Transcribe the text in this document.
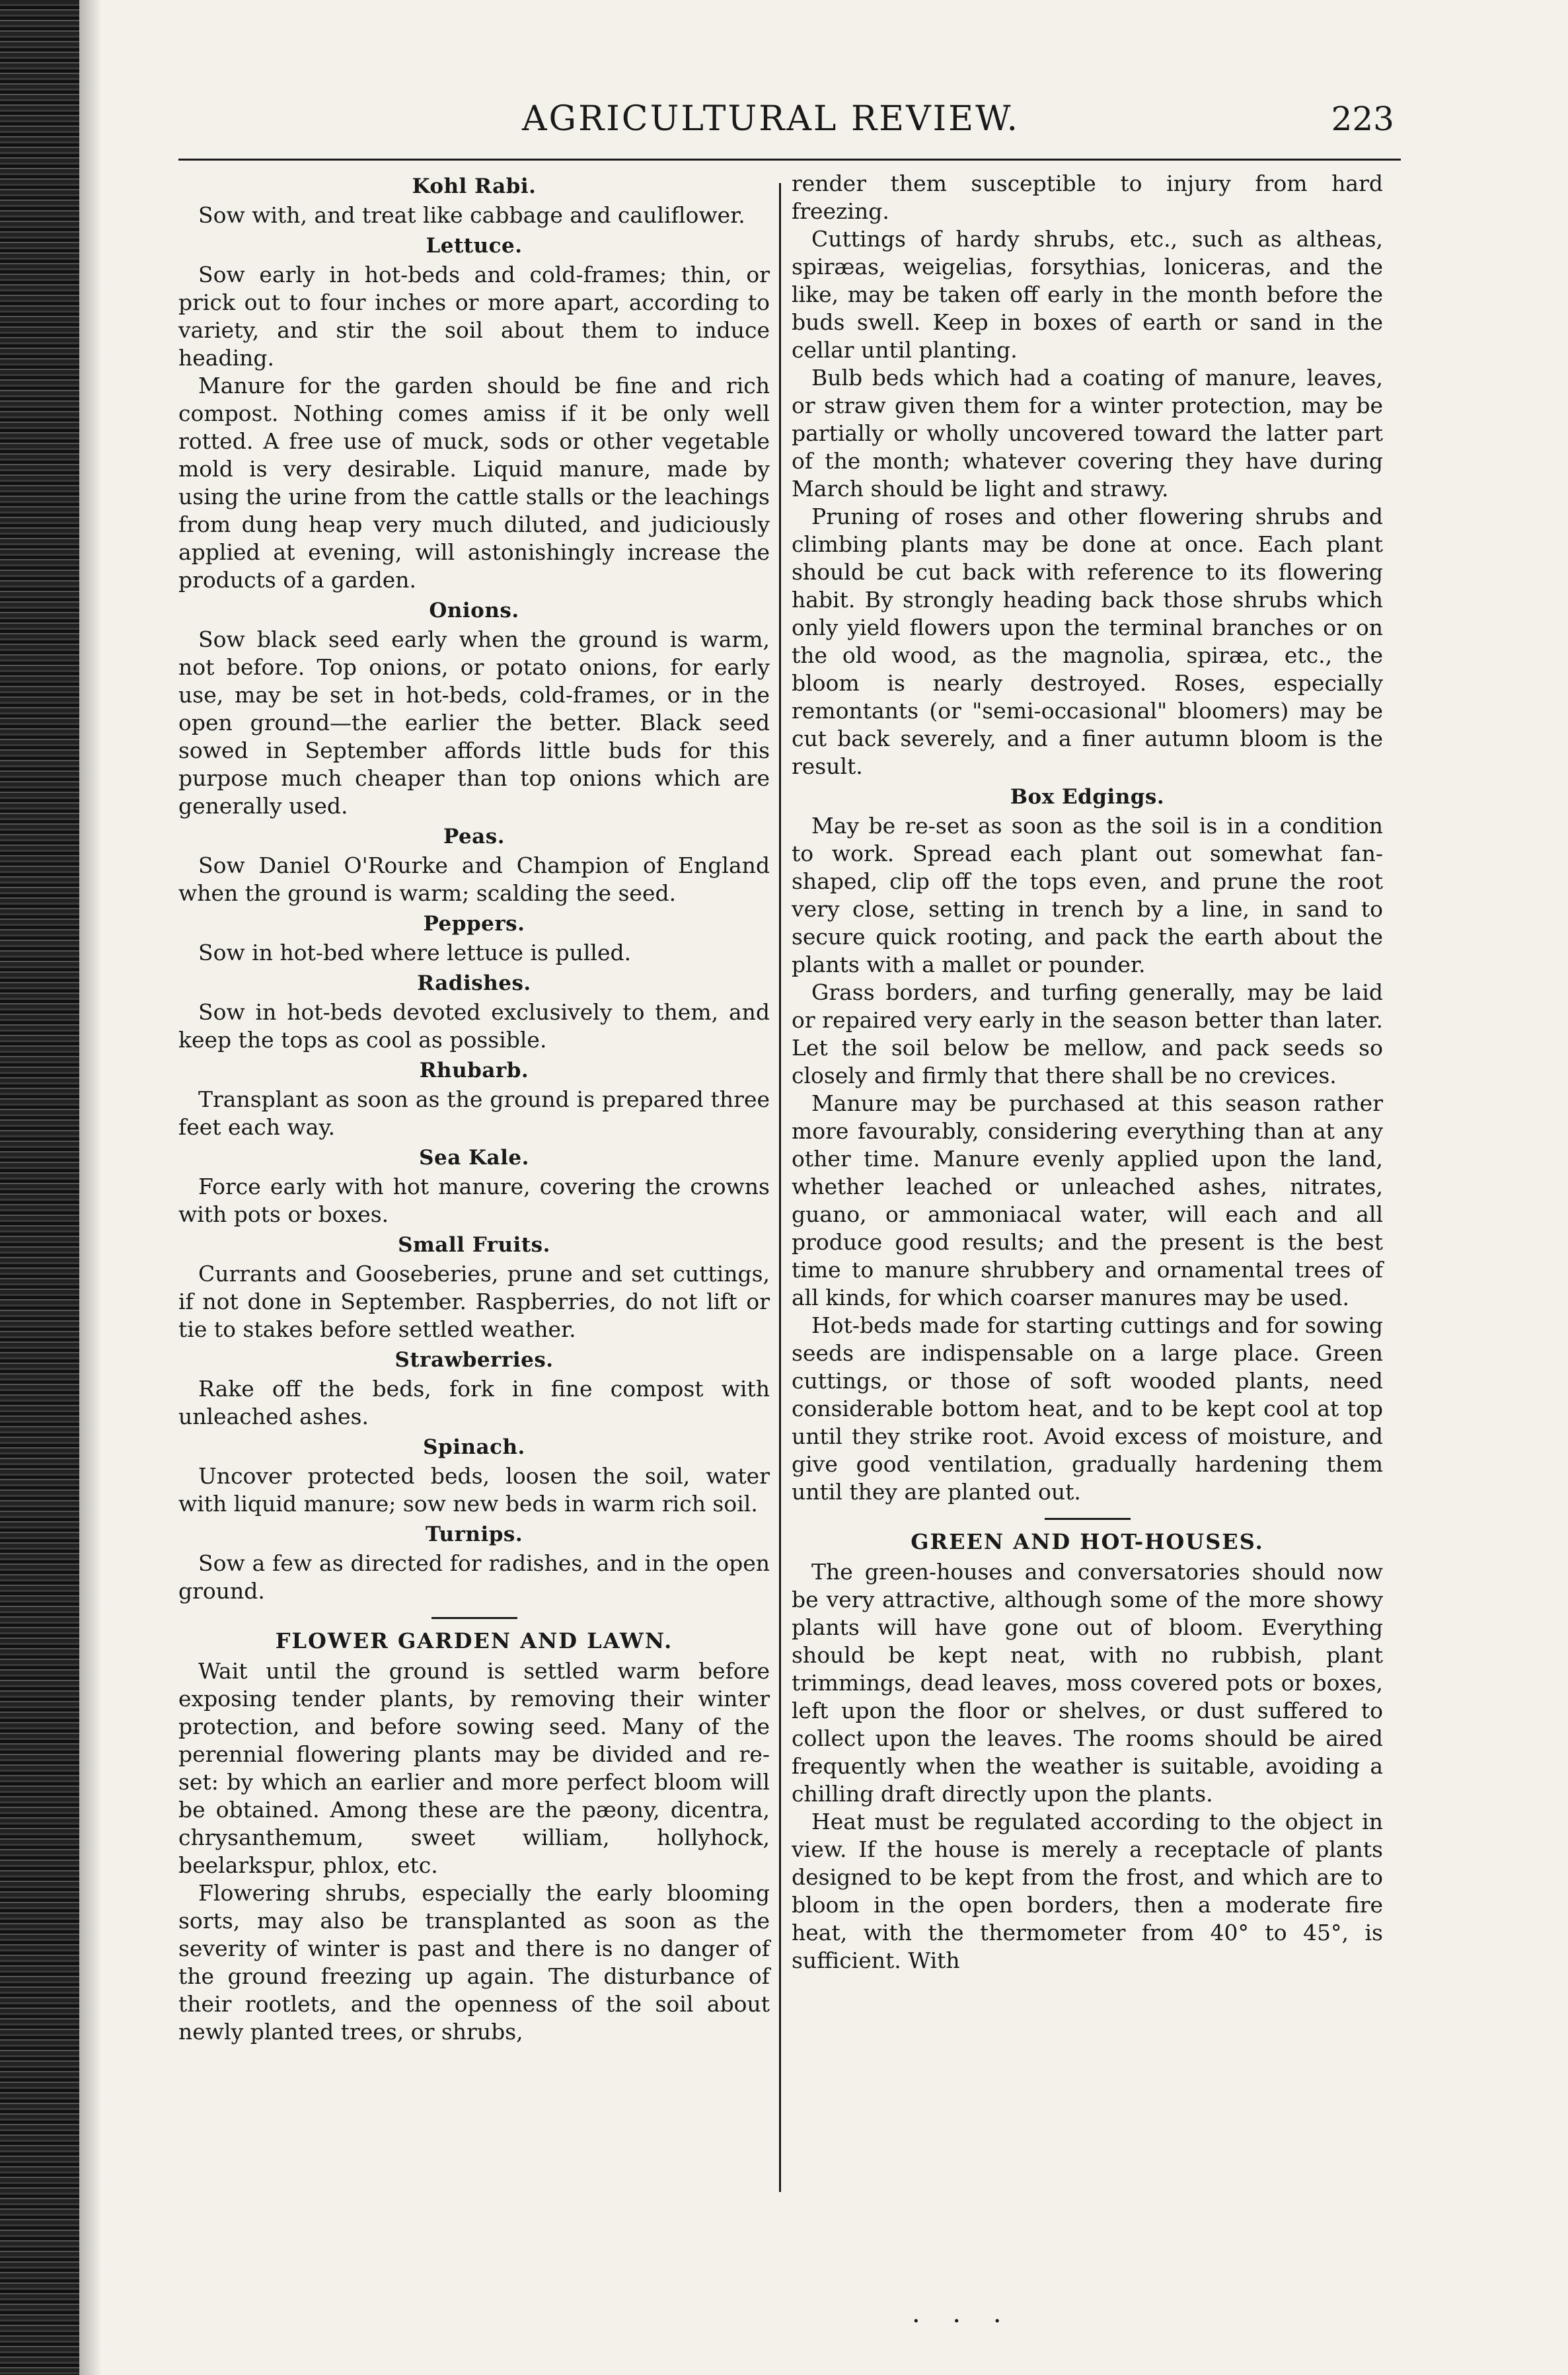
AGRICULTURAL REVIEW.	223
Kohl Rabi.

Sow with, and treat like cabbage and cauliflower.

Lettuce.

Sow early in hot-beds and cold-frames; thin, or prick out to four inches or more apart, according to variety, and stir the soil about them to induce heading.

Manure for the garden should be fine and rich compost. Nothing comes amiss if it be only well rotted. A free use of muck, sods or other vegetable mold is very desirable. Liquid manure, made by using the urine from the cattle stalls or the leachings from dung heap very much diluted, and judiciously applied at evening, will astonishingly increase the products of a garden.

Onions.

Sow black seed early when the ground is warm, not before. Top onions, or potato onions, for early use, may be set in hot-beds, cold-frames, or in the open ground—the earlier the better. Black seed sowed in September affords little buds for this purpose much cheaper than top onions which are generally used.

Peas.

Sow Daniel O'Rourke and Champion of England when the ground is warm; scalding the seed.

Peppers.

Sow in hot-bed where lettuce is pulled.

Radishes.

Sow in hot-beds devoted exclusively to them, and keep the tops as cool as possible.

Rhubarb.

Transplant as soon as the ground is prepared three feet each way.

Sea Kale.

Force early with hot manure, covering the crowns with pots or boxes.

Small Fruits.

Currants and Gooseberies, prune and set cuttings, if not done in September. Raspberries, do not lift or tie to stakes before settled weather.

Strawberries.

Rake off the beds, fork in fine compost with unleached ashes.

Spinach.

Uncover protected beds, loosen the soil, water with liquid manure; sow new beds in warm rich soil.

Turnips.

Sow a few as directed for radishes, and in the open ground.

FLOWER GARDEN AND LAWN.

Wait until the ground is settled warm before exposing tender plants, by removing their winter protection, and before sowing seed. Many of the perennial flowering plants may be divided and re-set: by which an earlier and more perfect bloom will be obtained. Among these are the pæony, dicentra, chrysanthemum, sweet william, hollyhock, beelarkspur, phlox, etc.

Flowering shrubs, especially the early blooming sorts, may also be transplanted as soon as the severity of winter is past and there is no danger of the ground freezing up again. The disturbance of their rootlets, and the openness of the soil about newly planted trees, or shrubs,

render them susceptible to injury from hard freezing.

Cuttings of hardy shrubs, etc., such as altheas, spiræas, weigelias, forsythias, loniceras, and the like, may be taken off early in the month before the buds swell. Keep in boxes of earth or sand in the cellar until planting.

Bulb beds which had a coating of manure, leaves, or straw given them for a winter protection, may be partially or wholly uncovered toward the latter part of the month; whatever covering they have during March should be light and strawy.

Pruning of roses and other flowering shrubs and climbing plants may be done at once. Each plant should be cut back with reference to its flowering habit. By strongly heading back those shrubs which only yield flowers upon the terminal branches or on the old wood, as the magnolia, spiræa, etc., the bloom is nearly destroyed. Roses, especially remontants (or "semi-occasional" bloomers) may be cut back severely, and a finer autumn bloom is the result.

Box Edgings.

May be re-set as soon as the soil is in a condition to work. Spread each plant out somewhat fan-shaped, clip off the tops even, and prune the root very close, setting in trench by a line, in sand to secure quick rooting, and pack the earth about the plants with a mallet or pounder.

Grass borders, and turfing generally, may be laid or repaired very early in the season better than later. Let the soil below be mellow, and pack seeds so closely and firmly that there shall be no crevices.

Manure may be purchased at this season rather more favourably, considering everything than at any other time. Manure evenly applied upon the land, whether leached or unleached ashes, nitrates, guano, or ammoniacal water, will each and all produce good results; and the present is the best time to manure shrubbery and ornamental trees of all kinds, for which coarser manures may be used.

Hot-beds made for starting cuttings and for sowing seeds are indispensable on a large place. Green cuttings, or those of soft wooded plants, need considerable bottom heat, and to be kept cool at top until they strike root. Avoid excess of moisture, and give good ventilation, gradually hardening them until they are planted out.

GREEN AND HOT-HOUSES.

The green-houses and conversatories should now be very attractive, although some of the more showy plants will have gone out of bloom. Everything should be kept neat, with no rubbish, plant trimmings, dead leaves, moss covered pots or boxes, left upon the floor or shelves, or dust suffered to collect upon the leaves. The rooms should be aired frequently when the weather is suitable, avoiding a chilling draft directly upon the plants.

Heat must be regulated according to the object in view. If the house is merely a receptacle of plants designed to be kept from the frost, and which are to bloom in the open borders, then a moderate fire heat, with the thermometer from 40° to 45°, is sufficient. With

· · ·
